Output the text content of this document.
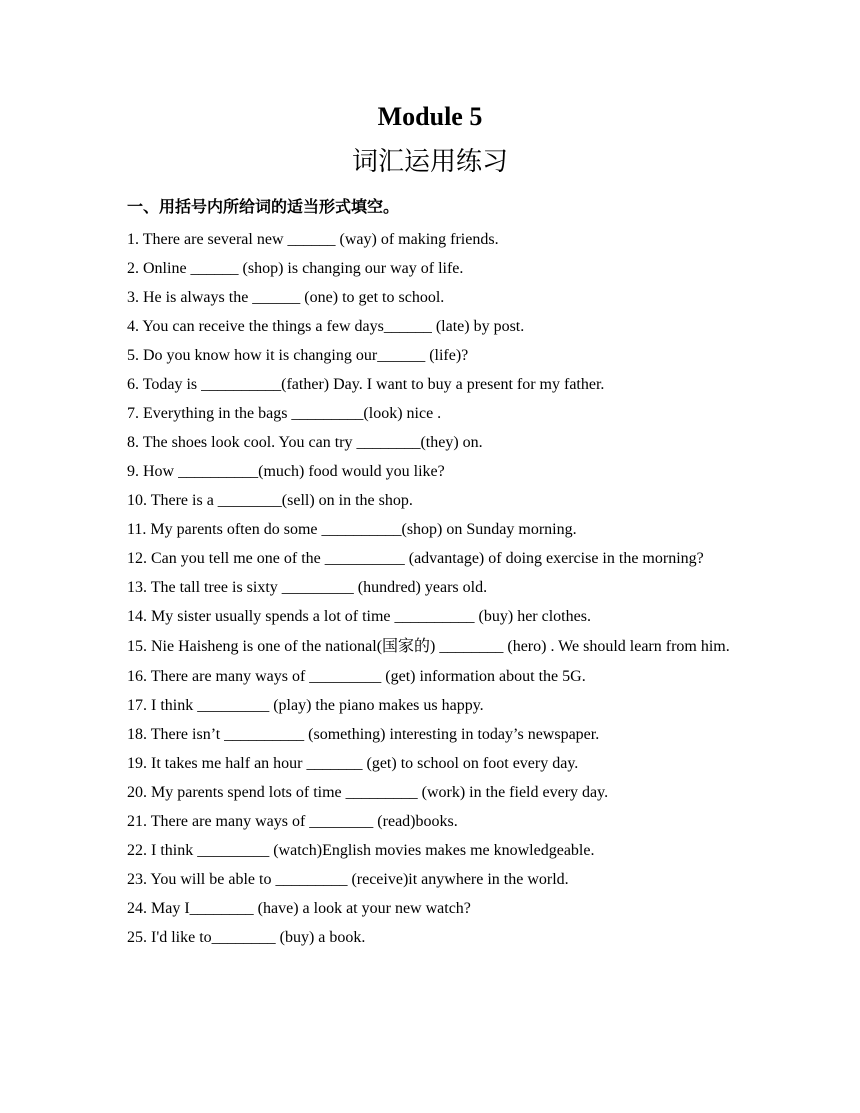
Module 5
词汇运用练习
一、用括号内所给词的适当形式填空。
1. There are several new ______ (way) of making friends.
2. Online ______ (shop) is changing our way of life.
3. He is always the ______ (one) to get to school.
4. You can receive the things a few days______ (late) by post.
5. Do you know how it is changing our______ (life)?
6. Today is __________(father) Day. I want to buy a present for my father.
7. Everything in the bags _________(look) nice .
8. The shoes look cool. You can try ________(they) on.
9. How __________(much) food would you like?
10. There is a ________(sell) on in the shop.
11. My parents often do some __________(shop) on Sunday morning.
12. Can you tell me one of the __________ (advantage) of doing exercise in the morning?
13. The tall tree is sixty _________ (hundred) years old.
14. My sister usually spends a lot of time __________ (buy) her clothes.
15. Nie Haisheng is one of the national(国家的) ________ (hero) . We should learn from him.
16. There are many ways of _________ (get) information about the 5G.
17. I think _________ (play) the piano makes us happy.
18. There isn’t __________ (something) interesting in today’s newspaper.
19. It takes me half an hour _______ (get) to school on foot every day.
20. My parents spend lots of time _________ (work) in the field every day.
21. There are many ways of ________ (read)books.
22. I think _________ (watch)English movies makes me knowledgeable.
23. You will be able to _________ (receive)it anywhere in the world.
24. May I________ (have) a look at your new watch?
25. I'd like to________ (buy) a book.
